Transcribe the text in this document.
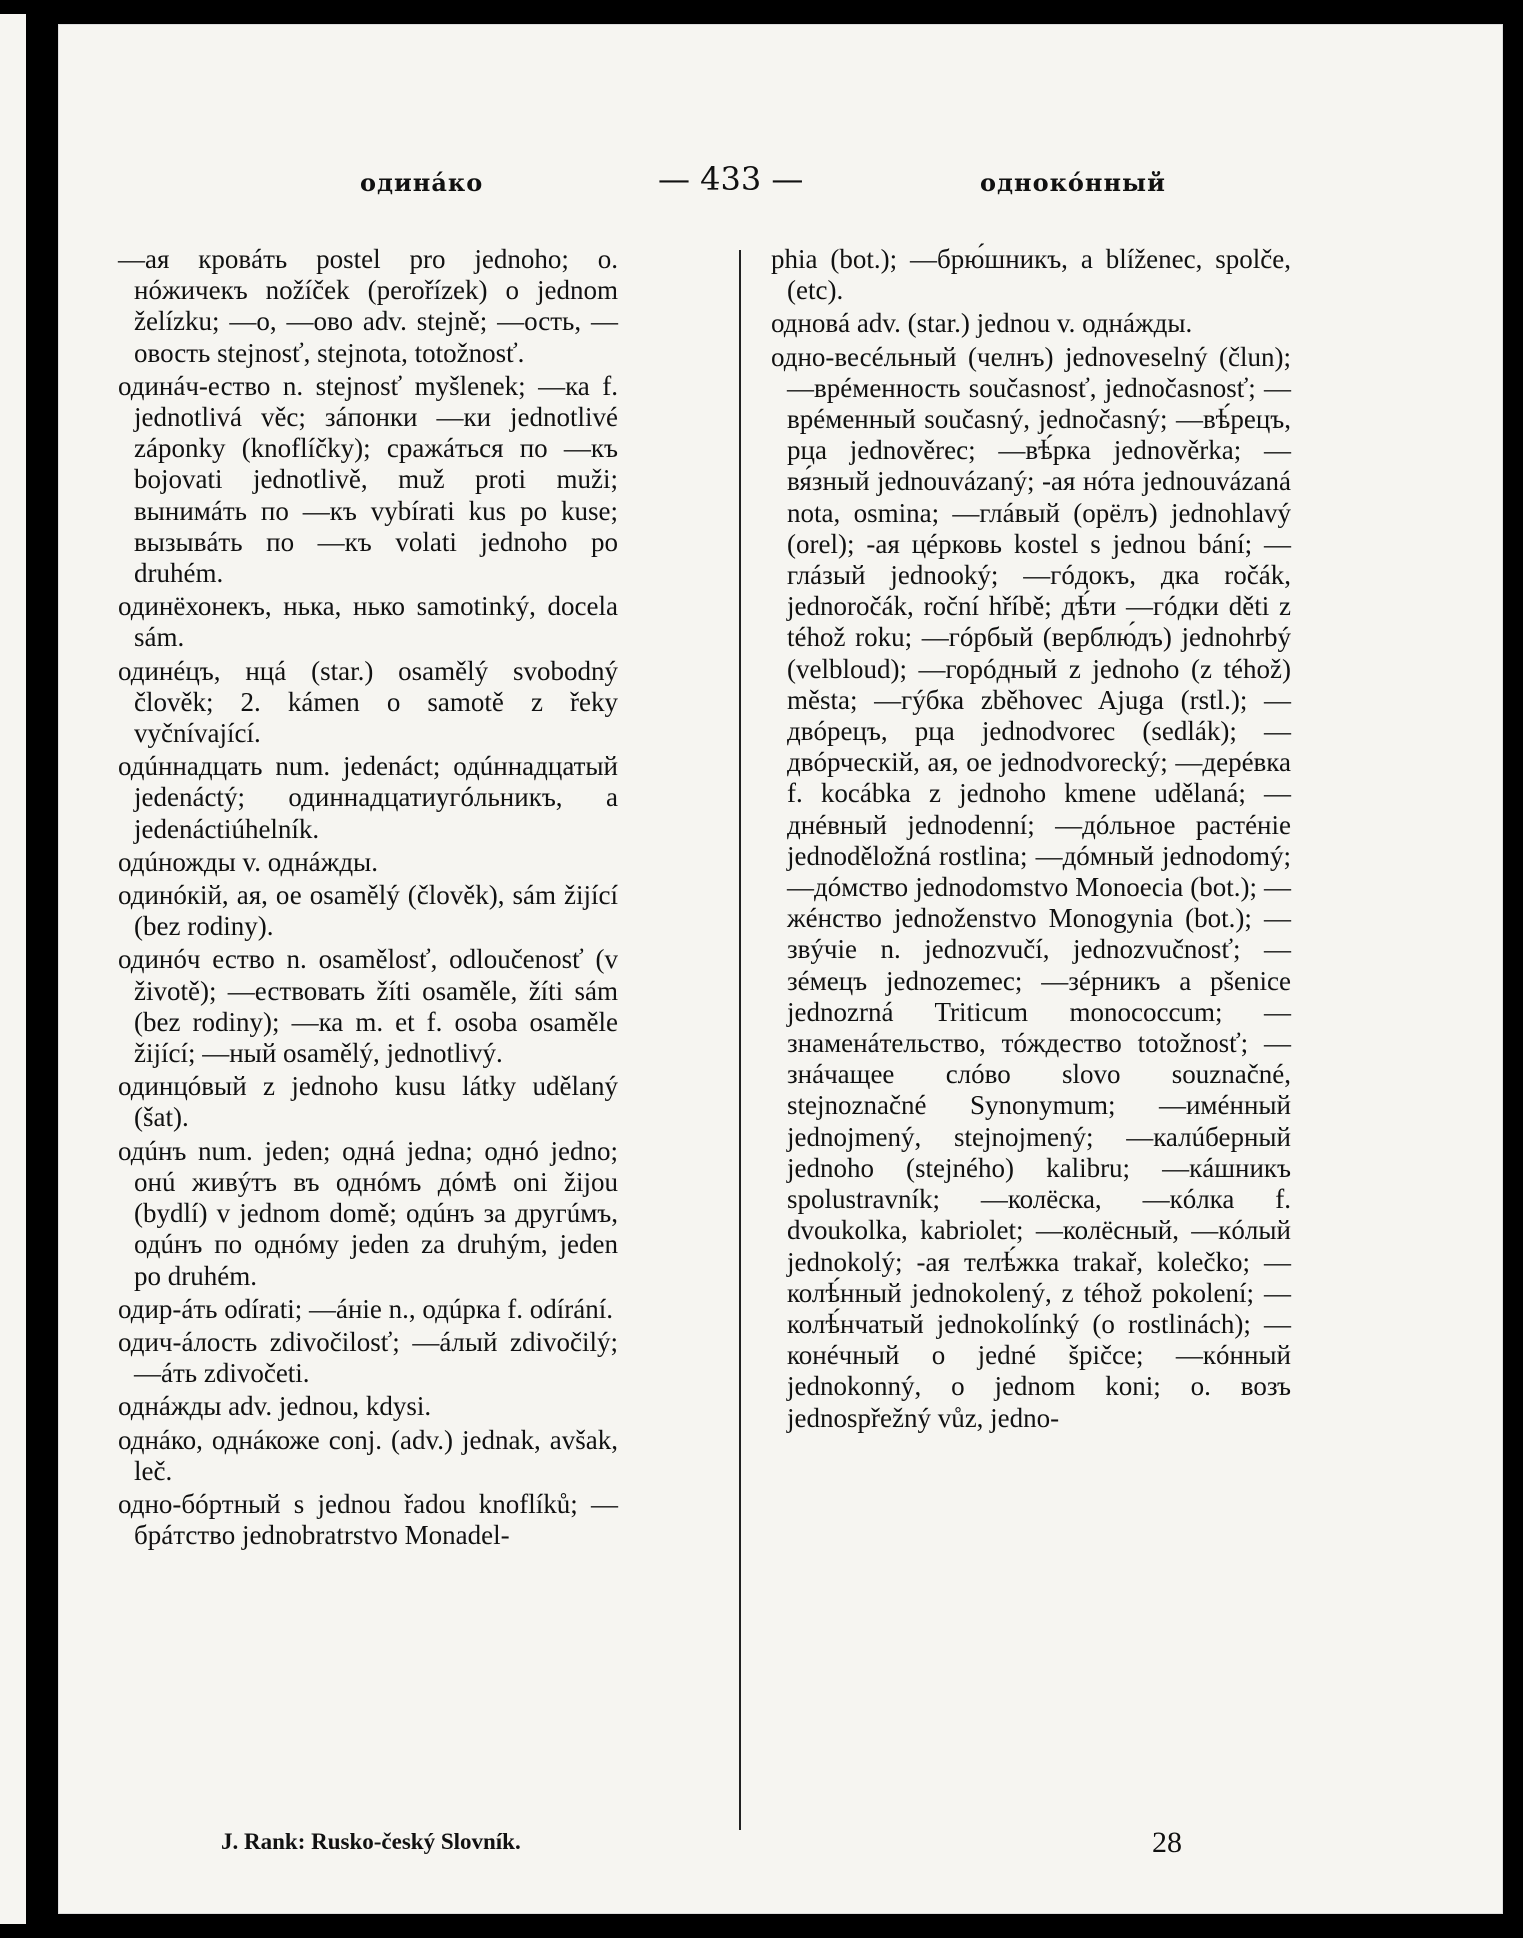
одинáко	— 433 —	однокóнный

—ая кровáть postel pro jednoho; о. нóжичекъ nožíček (perořízek) o jednom želízku; —о, —ово adv. stejně; —ость, —овость stejnosť, stejnota, totožnosť.

одинáч-ество n. stejnosť myšlenek; —ка f. jednotlivá věc; зáпонки —ки jednotlivé záponky (knoflíčky); сражáться по —къ bojovati jednotlivě, muž proti muži; вынимáть по —къ vybírati kus po kuse; вызывáть по —къ volati jednoho po druhém.

одинёхонекъ, нька, нько samotinký, docela sám.

одинéцъ, нцá (star.) osamělý svobodný člověk; 2. kámen o samotě z řeky vyčnívající.

одúннадцать num. jedenáct; одúннадцатый jedenáctý; одиннадцатиугóльникъ, a jedenáctiúhelník.

одúножды v. однáжды.

одинóкій, ая, ое osamělý (člověk), sám žijící (bez rodiny).

одинóч ество n. osamělosť, odloučenosť (v životě); —ествовать žíti osaměle, žíti sám (bez rodiny); —ка m. et f. osoba osaměle žijící; —ный osamělý, jednotlivý.

одинцóвый z jednoho kusu látky udělaný (šat).

одúнъ num. jeden; однá jedna; однó jedno; онú живýтъ въ однóмъ дóмѣ oni žijou (bydlí) v jednom domě; одúнъ за другúмъ, одúнъ по однóму jeden za druhým, jeden po druhém.

одир-áть odírati; —áніе n., одúрка f. odírání.

одич-áлость zdivočilosť; —áлый zdivočilý; —áть zdivočeti.

однáжды adv. jednou, kdysi.

однáко, однáкоже conj. (adv.) jednak, avšak, leč.

одно-бóртный s jednou řadou knoflíků; —брáтство jednobratrstvo Monadel-

phia (bot.); —брю́шникъ, a blíženec, spolče, (etc).

однoвá adv. (star.) jednou v. однáжды.

одно-весéльный (челнъ) jednoveselný (člun); —врéменность současnosť, jednočasnosť; —врéменный současný, jednočasný; —вѣ́рецъ, рца jednověrec; —вѣ́рка jednověrka; —вя́зный jednouvázaný; -ая нóта jednouvázaná nota, osmina; —глáвый (орёлъ) jednohlavý (orel); -ая цéрковь kostel s jednou bání; —глáзый jednooký; —гóдокъ, дка ročák, jednoročák, roční hříbě; дѣ́ти —гóдки děti z téhož roku; —гóрбый (верблю́дъ) jednohrbý (velbloud); —горóдный z jednoho (z téhož) města; —гýбка zběhovec Ajuga (rstl.); —двóрецъ, рца jednodvorec (sedlák); —двóрческій, ая, ое jednodvorecký; —дерéвка f. kocábka z jednoho kmene udělaná; —днéвный jednodenní; —дóльное растéніе jednoděložná rostlina; —дóмный jednodomý; —дóмство jednodomstvo Monoecia (bot.); —жéнство jednoženstvo Monogynia (bot.); —звýчіе n. jednozvučí, jednozvučnosť; —зéмецъ jednozemec; —зéрникъ a pšenice jednozrná Triticum monococcum; —знаменáтельство, тóждество totožnosť; —знáчащее слóво slovo souznačné, stejnoznačné Synonymum; —имéнный jednojmený, stejnojmený; —калúберный jednoho (stejného) kalibru; —кáшникъ spolustravník; —колёска, —кóлка f. dvoukolka, kabriolet; —колёсный, —кóлый jednokolý; -ая телѣ́жка trakař, kolečko; —колѣ́нный jednokolený, z téhož pokolení; —колѣ́нчатый jednokolínký (o rostlinách); —конéчный o jedné špičce; —кóнный jednokonný, o jednom koni; о. возъ jednospřežný vůz, jedno-

J. Rank: Rusko-český Slovník.	28
